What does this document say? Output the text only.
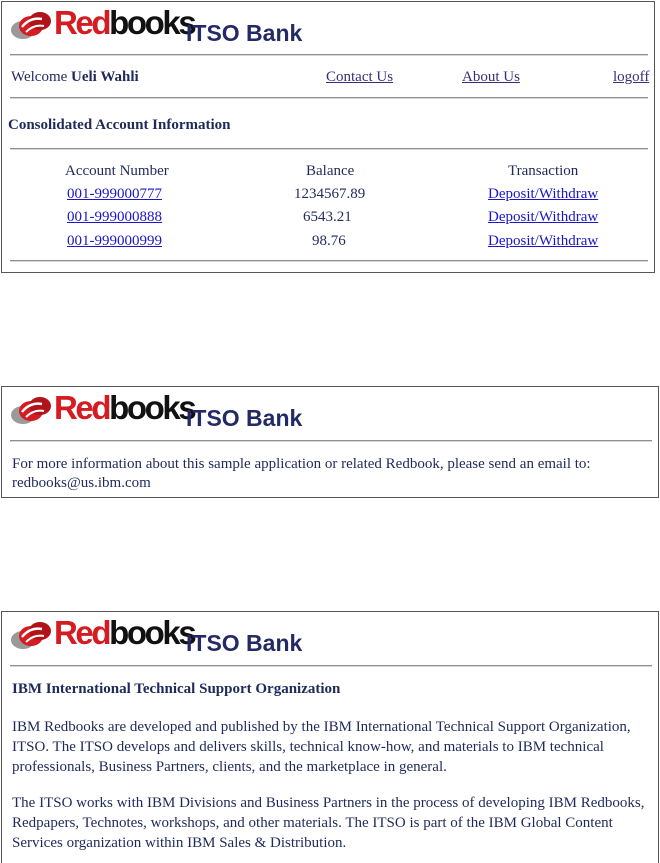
Redbooks
ITSO Bank
Welcome Ueli Wahli	Contact Us	About Us	logoff
Consolidated Account Information
Account Number	Balance	Transaction
001-999000777	1234567.89	Deposit/Withdraw
001-999000888	6543.21	Deposit/Withdraw
001-999000999	98.76	Deposit/Withdraw
Redbooks
ITSO Bank
For more information about this sample application or related Redbook, please send an email to:
redbooks@us.ibm.com
Redbooks
ITSO Bank
IBM International Technical Support Organization

IBM Redbooks are developed and published by the IBM International Technical Support Organization, ITSO. The ITSO develops and delivers skills, technical know-how, and materials to IBM technical professionals, Business Partners, clients, and the marketplace in general.

The ITSO works with IBM Divisions and Business Partners in the process of developing IBM Redbooks, Redpapers, Technotes, workshops, and other materials. The ITSO is part of the IBM Global Content Services organization within IBM Sales & Distribution.
